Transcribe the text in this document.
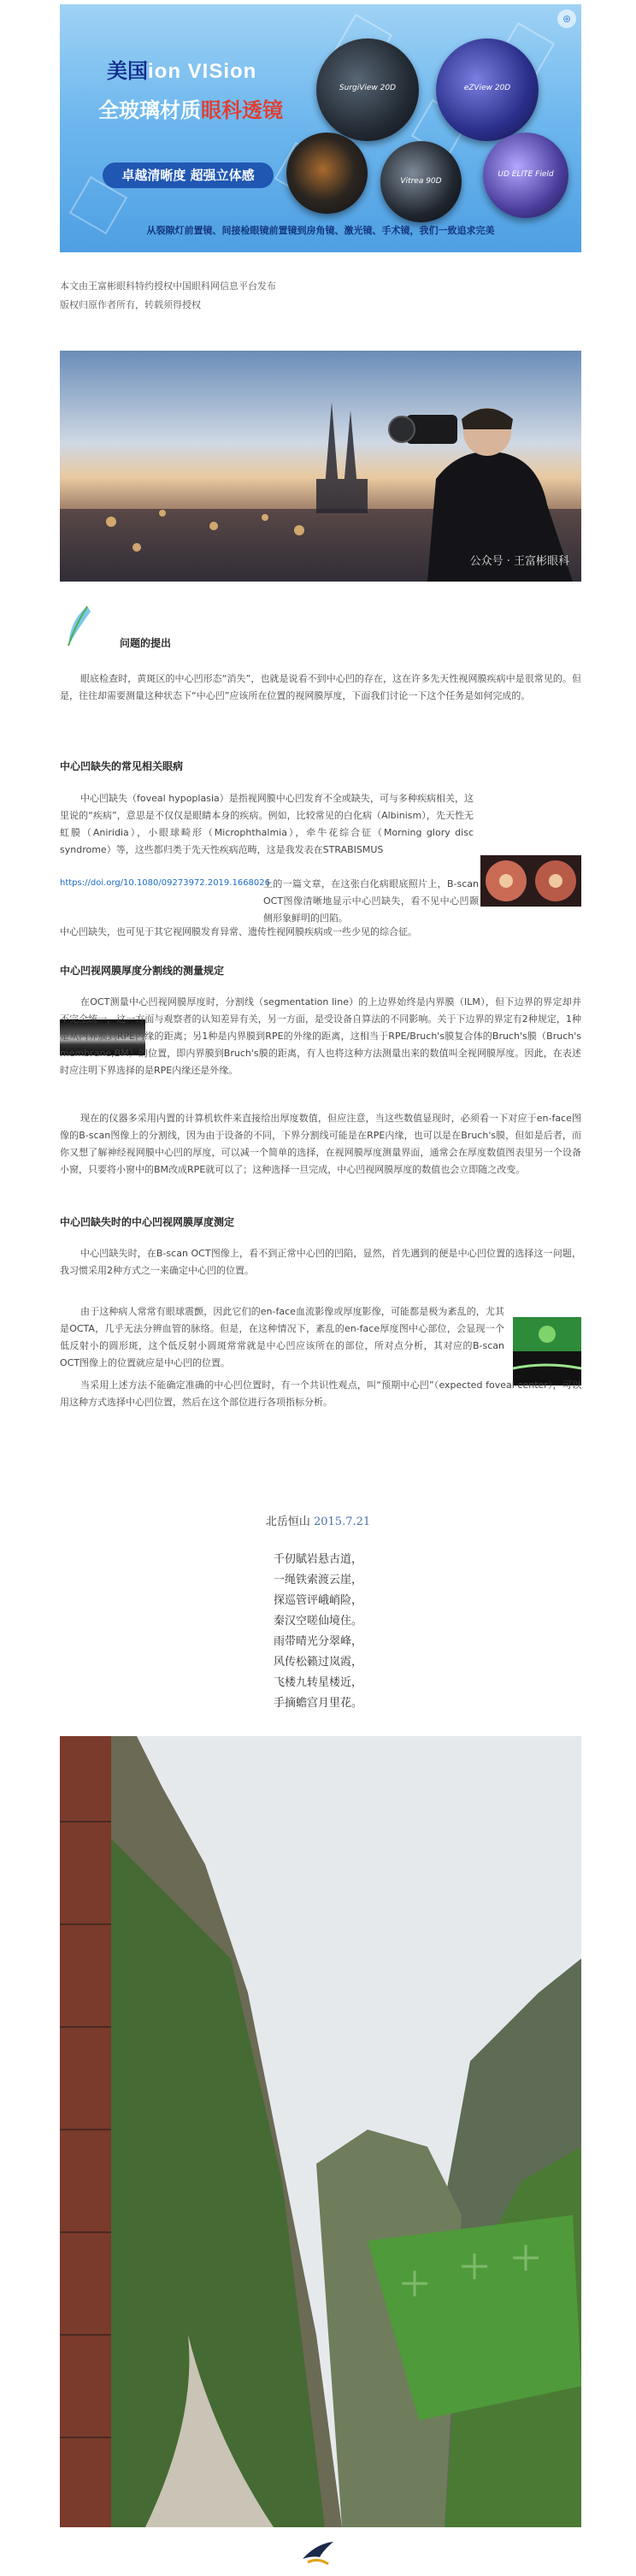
美国ion VISion
全玻璃材质眼科透镜
卓越清晰度 超强立体感
SurgiView 20D	eZView 20D
Vitrea 90D
UD ELITE Field
⊕
从裂隙灯前置镜、间接检眼镜前置镜到房角镜、激光镜、手术镜，我们一致追求完美
本文由王富彬眼科特约授权中国眼科网信息平台发布
版权归原作者所有，转载须得授权
公众号 · 王富彬眼科
问题的提出

眼底检查时，黄斑区的中心凹形态“消失”，也就是说看不到中心凹的存在，这在许多先天性视网膜疾病中是很常见的。但是，往往却需要测量这种状态下“中心凹”应该所在位置的视网膜厚度，下面我们讨论一下这个任务是如何完成的。

中心凹缺失的常见相关眼病

中心凹缺失（foveal hypoplasia）是指视网膜中心凹发育不全或缺失，可与多种疾病相关，这里说的“疾病”，意思是不仅仅是眼睛本身的疾病。例如，比较常见的白化病（Albinism），先天性无虹膜（Aniridia），小眼球畸形（Microphthalmia），牵牛花综合征（Morning glory disc syndrome）等，这些都归类于先天性疾病范畴，这是我发表在STRABISMUS

https://doi.org/10.1080/09273972.2019.1668026

上的一篇文章，在这张白化病眼底照片上，B-scan OCT图像清晰地显示中心凹缺失，看不见中心凹颞侧形象鲜明的凹陷。

中心凹缺失，也可见于其它视网膜发育异常、遗传性视网膜疾病或一些少见的综合征。

中心凹视网膜厚度分割线的测量规定

在OCT测量中心凹视网膜厚度时，分割线（segmentation line）的上边界始终是内界膜（ILM），但下边界的界定却并不完全统一，这一方面与观察者的认知差异有关，另一方面，是受设备自算法的不同影响。关于下边界的界定有2种规定，1种是从内界膜到RPE内缘的距离；另1种是内界膜到RPE的外缘的距离，这相当于RPE/Bruch's膜复合体的Bruch's膜（Bruch's membrane,BM）的位置，即内界膜到Bruch's膜的距离，有人也将这种方法测量出来的数值叫全视网膜厚度。因此，在表述时应注明下界选择的是RPE内缘还是外缘。

现在的仪器多采用内置的计算机软件来直接给出厚度数值，但应注意，当这些数值显现时，必须看一下对应于en-face图像的B-scan图像上的分割线，因为由于设备的不同，下界分割线可能是在RPE内缘，也可以是在Bruch's膜，但如是后者，而你又想了解神经视网膜中心凹的厚度，可以减一个简单的选择，在视网膜厚度测量界面，通常会在厚度数值图表里另一个设备小窗，只要将小窗中的BM改成RPE就可以了；这种选择一旦完成，中心凹视网膜厚度的数值也会立即随之改变。

中心凹缺失时的中心凹视网膜厚度测定

中心凹缺失时，在B-scan OCT图像上，看不到正常中心凹的凹陷，显然，首先遇到的便是中心凹位置的选择这一问题，我习惯采用2种方式之一来确定中心凹的位置。

由于这种病人常常有眼球震颤，因此它们的en-face血流影像或厚度影像，可能都是极为紊乱的，尤其是OCTA，几乎无法分辨血管的脉络。但是，在这种情况下，紊乱的en-face厚度图中心部位，会显现一个低反射小的圆形斑，这个低反射小圆斑常常就是中心凹应该所在的部位，所对点分析，其对应的B-scan OCT图像上的位置就应是中心凹的位置。

当采用上述方法不能确定准确的中心凹位置时，有一个共识性观点，叫“预期中心凹”（expected foveal center），可以用这种方式选择中心凹位置，然后在这个部位进行各项指标分析。

北岳恒山 2015.7.21
千仞賦岩悬古道，
一绳铁索渡云崖，
探巡管评峨峭险，
秦汉空嗟仙境住。
雨带晴光分翠峰，
风传松籁过岚霞，
飞楼九转星楼近，
手摘蟾宫月里花。
